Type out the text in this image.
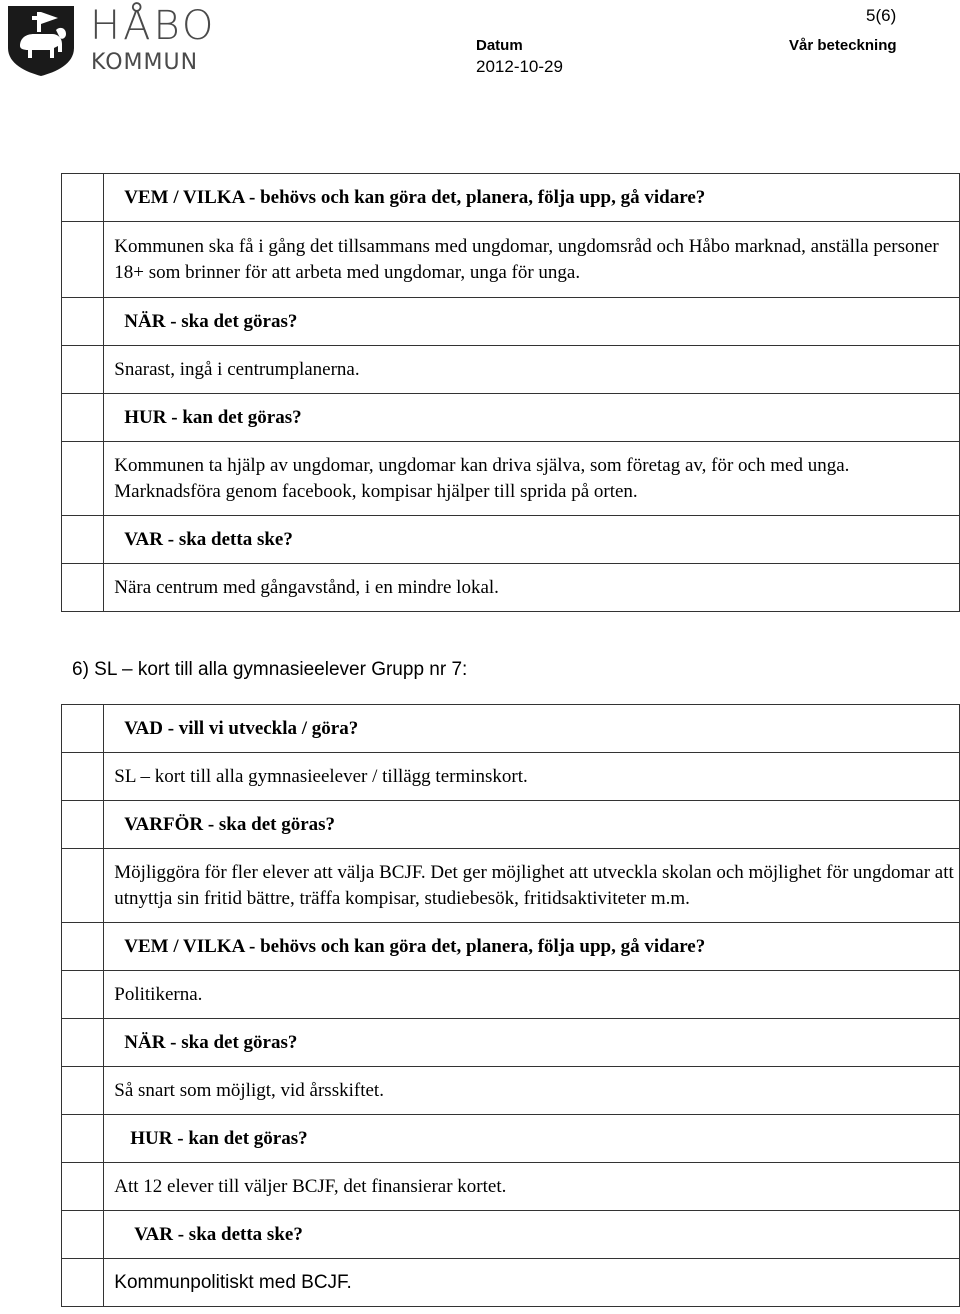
HÅBO
KOMMUN
5(6)
Datum	Vår beteckning
2012-10-29
	VEM / VILKA - behövs och kan göra det, planera, följa upp, gå vidare?
	Kommunen ska få i gång det tillsammans med ungdomar, ungdomsråd och Håbo marknad, anställa personer 18+ som brinner för att arbeta med ungdomar, unga för unga.
	NÄR - ska det göras?
	Snarast, ingå i centrumplanerna.
	HUR - kan det göras?
	Kommunen ta hjälp av ungdomar, ungdomar kan driva själva, som företag av, för och med unga. Marknadsföra genom facebook, kompisar hjälper till sprida på orten.
	VAR - ska detta ske?
	Nära centrum med gångavstånd, i en mindre lokal.
6) SL – kort till alla gymnasieelever Grupp nr 7:
	VAD - vill vi utveckla / göra?
	SL – kort till alla gymnasieelever / tillägg terminskort.
	VARFÖR - ska det göras?
	Möjliggöra för fler elever att välja BCJF. Det ger möjlighet att utveckla skolan och möjlighet för ungdomar att utnyttja sin fritid bättre, träffa kompisar, studiebesök, fritidsaktiviteter m.m.
	VEM / VILKA - behövs och kan göra det, planera, följa upp, gå vidare?
	Politikerna.
	NÄR - ska det göras?
	Så snart som möjligt, vid årsskiftet.
	HUR - kan det göras?
	Att 12 elever till väljer BCJF, det finansierar kortet.
	VAR - ska detta ske?
	Kommunpolitiskt med BCJF.
